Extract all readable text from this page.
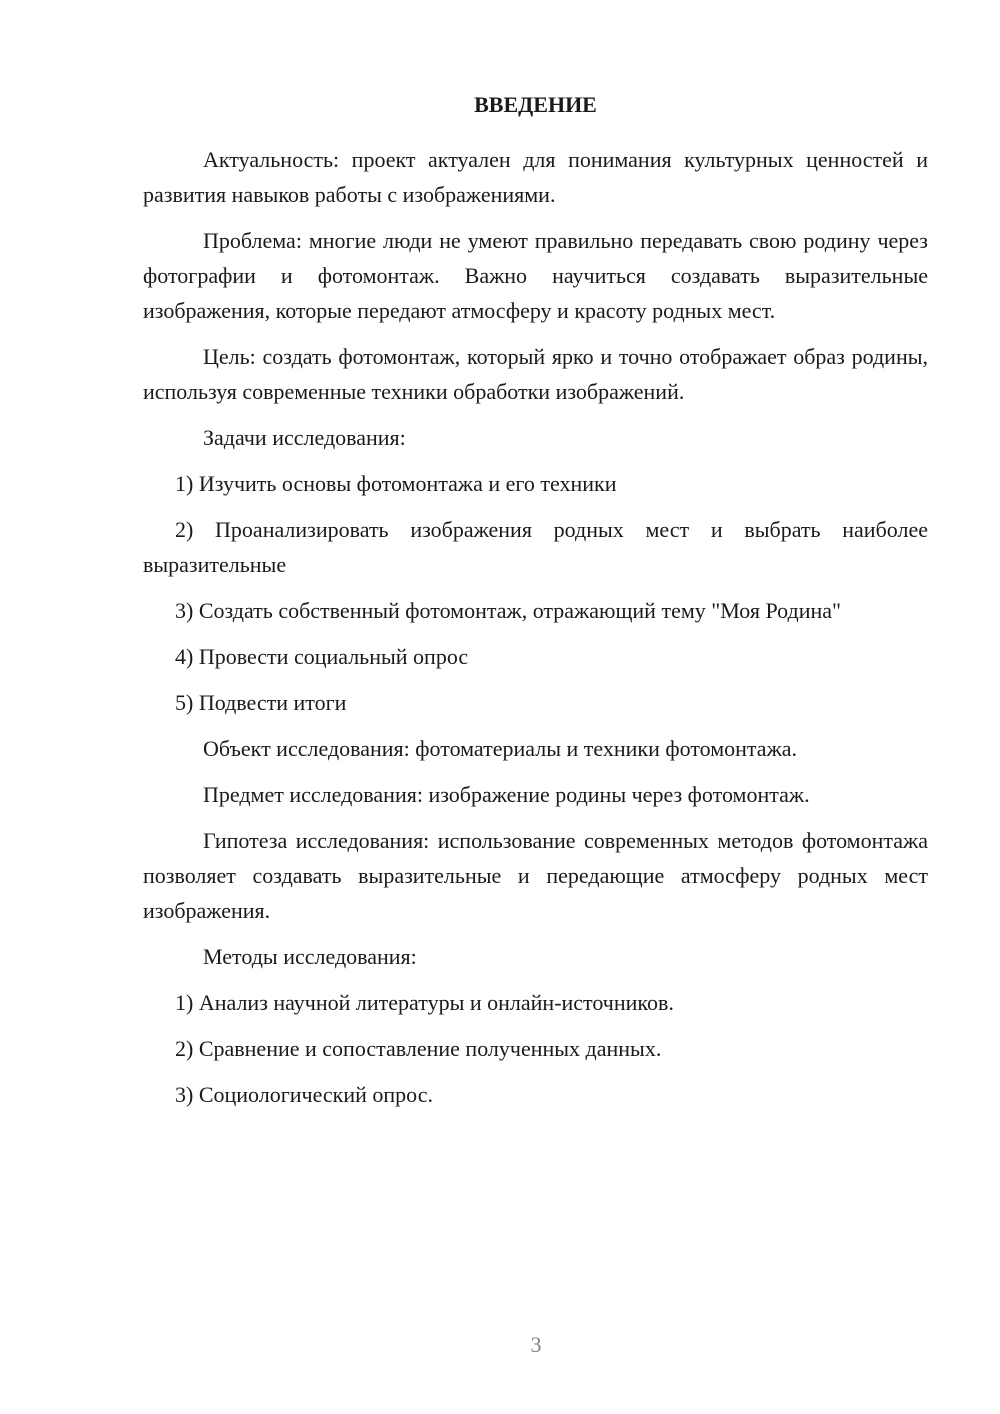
ВВЕДЕНИЕ

Актуальность: проект актуален для понимания культурных ценностей и развития навыков работы с изображениями.

Проблема: многие люди не умеют правильно передавать свою родину через фотографии и фотомонтаж. Важно научиться создавать выразительные изображения, которые передают атмосферу и красоту родных мест.

Цель: создать фотомонтаж, который ярко и точно отображает образ родины, используя современные техники обработки изображений.

Задачи исследования:

1) Изучить основы фотомонтажа и его техники

2) Проанализировать изображения родных мест и выбрать наиболее выразительные

3) Создать собственный фотомонтаж, отражающий тему "Моя Родина"

4) Провести социальный опрос

5) Подвести итоги

Объект исследования: фотоматериалы и техники фотомонтажа.

Предмет исследования: изображение родины через фотомонтаж.

Гипотеза исследования: использование современных методов фотомонтажа позволяет создавать выразительные и передающие атмосферу родных мест изображения.

Методы исследования:

1) Анализ научной литературы и онлайн-источников.

2) Сравнение и сопоставление полученных данных.

3) Социологический опрос.

3
